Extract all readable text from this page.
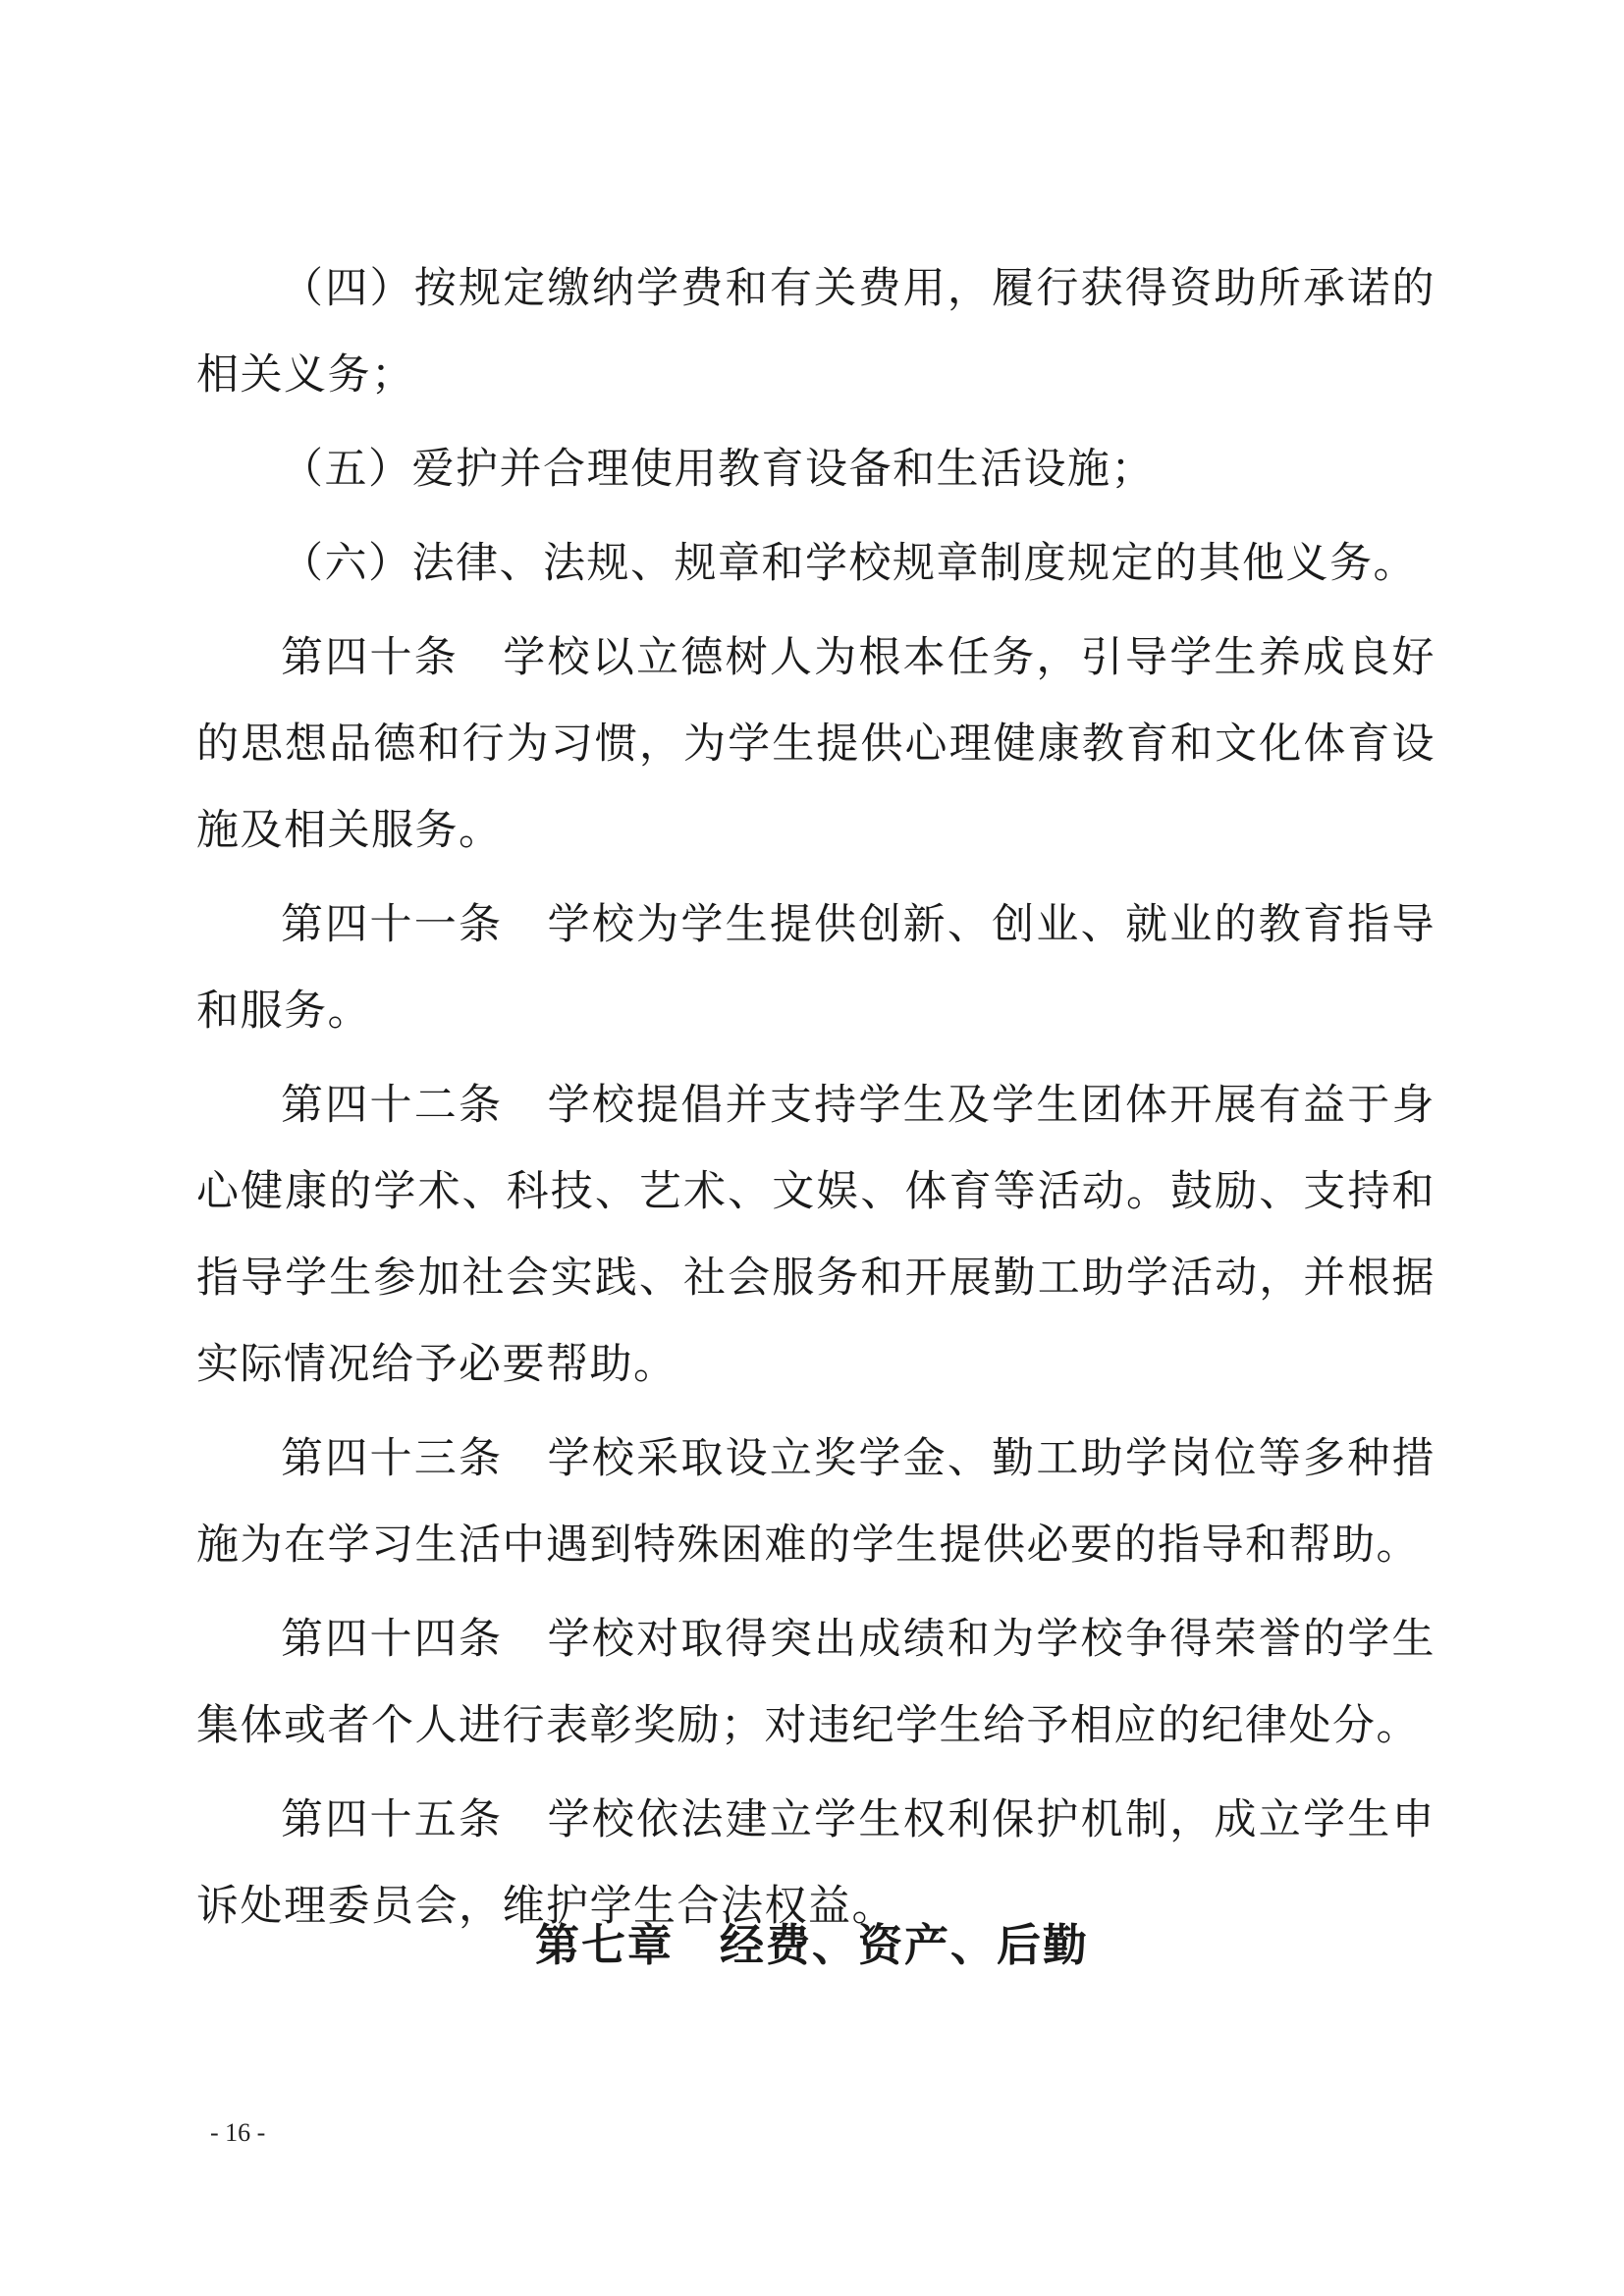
（四）按规定缴纳学费和有关费用，履行获得资助所承诺的相关义务；

（五）爱护并合理使用教育设备和生活设施；

（六）法律、法规、规章和学校规章制度规定的其他义务。

第四十条　学校以立德树人为根本任务，引导学生养成良好的思想品德和行为习惯，为学生提供心理健康教育和文化体育设施及相关服务。

第四十一条　学校为学生提供创新、创业、就业的教育指导和服务。

第四十二条　学校提倡并支持学生及学生团体开展有益于身心健康的学术、科技、艺术、文娱、体育等活动。鼓励、支持和指导学生参加社会实践、社会服务和开展勤工助学活动，并根据实际情况给予必要帮助。

第四十三条　学校采取设立奖学金、勤工助学岗位等多种措施为在学习生活中遇到特殊困难的学生提供必要的指导和帮助。

第四十四条　学校对取得突出成绩和为学校争得荣誉的学生集体或者个人进行表彰奖励；对违纪学生给予相应的纪律处分。

第四十五条　学校依法建立学生权利保护机制，成立学生申诉处理委员会，维护学生合法权益。

第七章　经费、资产、后勤
- 16 -
